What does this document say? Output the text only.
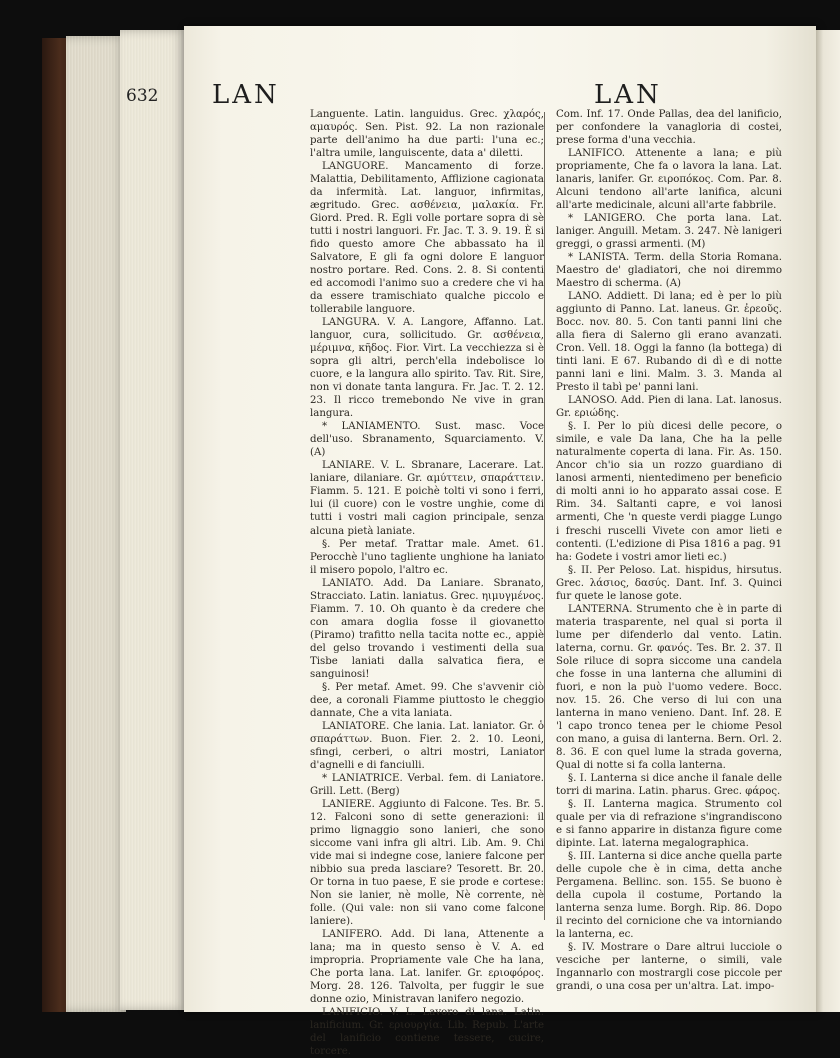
632 LAN	LAN

Languente. Latin. languidus. Grec. χλαρός, αμαυρός. Sen. Pist. 92. La non razionale parte dell'animo ha due parti: l'una ec.; l'altra umile, languiscente, data a' diletti.

LANGUORE. Mancamento di forze. Malattia, Debilitamento, Afflizione cagionata da infermità. Lat. languor, infirmitas, ægritudo. Grec. ασθένεια, μαλακία. Fr. Giord. Pred. R. Egli volle portare sopra di sè tutti i nostri languori. Fr. Jac. T. 3. 9. 19. È si fido questo amore Che abbassato ha il Salvatore, E gli fa ogni dolore E languor nostro portare. Red. Cons. 2. 8. Si contenti ed accomodi l'animo suo a credere che vi ha da essere tramischiato qualche piccolo e tollerabile languore.

LANGURA. V. A. Langore, Affanno. Lat. languor, cura, sollicitudo. Gr. ασθένεια, μέριμνα, κῆδος. Fior. Virt. La vecchiezza si è sopra gli altri, perch'ella indebolisce lo cuore, e la langura allo spirito. Tav. Rit. Sire, non vi donate tanta langura. Fr. Jac. T. 2. 12. 23. Il ricco tremebondo Ne vive in gran langura.

* LANIAMENTO. Sust. masc. Voce dell'uso. Sbranamento, Squarciamento. V. (A)

LANIARE. V. L. Sbranare, Lacerare. Lat. laniare, dilaniare. Gr. αμύττειν, σπαράττειν. Fiamm. 5. 121. E poichè tolti vi sono i ferri, lui (il cuore) con le vostre unghie, come di tutti i vostri mali cagion principale, senza alcuna pietà laniate.

§. Per metaf. Trattar male. Amet. 61. Perocchè l'uno tagliente unghione ha laniato il misero popolo, l'altro ec.

LANIATO. Add. Da Laniare. Sbranato, Stracciato. Latin. laniatus. Grec. ηιμυγμένος. Fiamm. 7. 10. Oh quanto è da credere che con amara doglia fosse il giovanetto (Piramo) trafitto nella tacita notte ec., appiè del gelso trovando i vestimenti della sua Tisbe laniati dalla salvatica fiera, e sanguinosi!

§. Per metaf. Amet. 99. Che s'avvenir ciò dee, a coronali Fiamme piuttosto le cheggio dannate, Che a vita laniata.

LANIATORE. Che lania. Lat. laniator. Gr. ὁ σπαράττων. Buon. Fier. 2. 2. 10. Leoni, sfingi, cerberi, o altri mostri, Laniator d'agnelli e di fanciulli.

* LANIATRICE. Verbal. fem. di Laniatore. Grill. Lett. (Berg)

LANIERE. Aggiunto di Falcone. Tes. Br. 5. 12. Falconi sono di sette generazioni: il primo lignaggio sono lanieri, che sono siccome vani infra gli altri. Lib. Am. 9. Chi vide mai si indegne cose, laniere falcone per nibbio sua preda lasciare? Tesorett. Br. 20. Or torna in tuo paese, E sie prode e cortese: Non sie lanier, nè molle, Nè corrente, nè folle. (Qui vale: non sii vano come falcone laniere).

LANIFERO. Add. Di lana, Attenente a lana; ma in questo senso è V. A. ed impropria. Propriamente vale Che ha lana, Che porta lana. Lat. lanifer. Gr. εριοφόρος. Morg. 28. 126. Talvolta, per fuggir le sue donne ozio, Ministravan lanifero negozio.

LANIFICIO. V. L. Lavoro di lana. Latin. lanificium. Gr. εριουργία. Lib. Repub. L'arte del lanificio contiene tessere, cucire, torcere.

Com. Inf. 17. Onde Pallas, dea del lanificio, per confondere la vanagloria di costei, prese forma d'una vecchia.

LANIFICO. Attenente a lana; e più propriamente, Che fa o lavora la lana. Lat. lanaris, lanifer. Gr. ειροπόκος. Com. Par. 8. Alcuni tendono all'arte lanifica, alcuni all'arte medicinale, alcuni all'arte fabbrile.

* LANIGERO. Che porta lana. Lat. laniger. Anguill. Metam. 3. 247. Nè lanigeri greggi, o grassi armenti. (M)

* LANISTA. Term. della Storia Romana. Maestro de' gladiatori, che noi diremmo Maestro di scherma. (A)

LANO. Addiett. Di lana; ed è per lo più aggiunto di Panno. Lat. laneus. Gr. ἐρεοῦς. Bocc. nov. 80. 5. Con tanti panni lini che alla fiera di Salerno gli erano avanzati. Cron. Vell. 18. Oggi la fanno (la bottega) di tinti lani. E 67. Rubando di dì e di notte panni lani e lini. Malm. 3. 3. Manda al Presto il tabì pe' panni lani.

LANOSO. Add. Pien di lana. Lat. lanosus. Gr. εριώδης.

§. I. Per lo più dicesi delle pecore, o simile, e vale Da lana, Che ha la pelle naturalmente coperta di lana. Fir. As. 150. Ancor ch'io sia un rozzo guardiano di lanosi armenti, nientedimeno per beneficio di molti anni io ho apparato assai cose. E Rim. 34. Saltanti capre, e voi lanosi armenti, Che 'n queste verdi piagge Lungo i freschi ruscelli Vivete con amor lieti e contenti. (L'edizione di Pisa 1816 a pag. 91 ha: Godete i vostri amor lieti ec.)

§. II. Per Peloso. Lat. hispidus, hirsutus. Grec. λάσιος, δασύς. Dant. Inf. 3. Quinci fur quete le lanose gote.

LANTERNA. Strumento che è in parte di materia trasparente, nel qual si porta il lume per difenderlo dal vento. Latin. laterna, cornu. Gr. φανός. Tes. Br. 2. 37. Il Sole riluce di sopra siccome una candela che fosse in una lanterna che allumini di fuori, e non la può l'uomo vedere. Bocc. nov. 15. 26. Che verso di lui con una lanterna in mano venieno. Dant. Inf. 28. E 'l capo tronco tenea per le chiome Pesol con mano, a guisa di lanterna. Bern. Orl. 2. 8. 36. E con quel lume la strada governa, Qual di notte si fa colla lanterna.

§. I. Lanterna si dice anche il fanale delle torri di marina. Latin. pharus. Grec. φάρος.

§. II. Lanterna magica. Strumento col quale per via di refrazione s'ingrandiscono e si fanno apparire in distanza figure come dipinte. Lat. laterna megalographica.

§. III. Lanterna si dice anche quella parte delle cupole che è in cima, detta anche Pergamena. Bellinc. son. 155. Se buono è della cupola il costume, Portando la lanterna senza lume. Borgh. Rip. 86. Dopo il recinto del cornicione che va intorniando la lanterna, ec.

§. IV. Mostrare o Dare altrui lucciole o vesciche per lanterne, o simili, vale Ingannarlo con mostrargli cose piccole per grandi, o una cosa per un'altra. Lat. impo-
